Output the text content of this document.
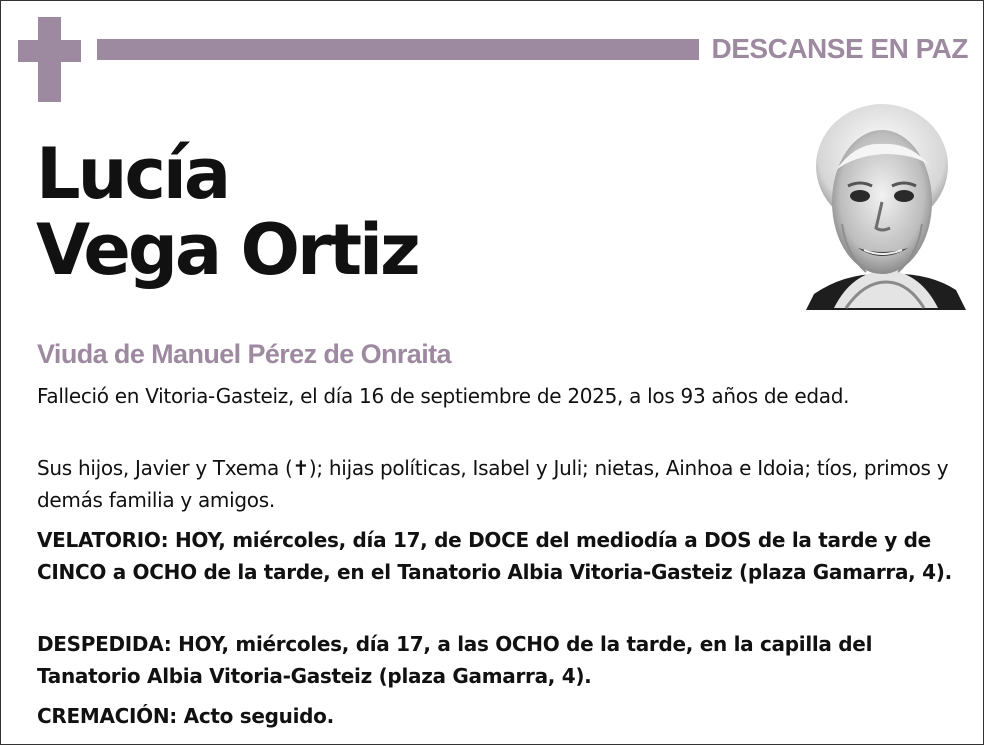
DESCANSE EN PAZ
Lucía
Vega Ortiz
Viuda de Manuel Pérez de Onraita

Falleció en Vitoria-Gasteiz, el día 16 de septiembre de 2025, a los 93 años de edad.

Sus hijos, Javier y Txema (✝); hijas políticas, Isabel y Juli; nietas, Ainhoa e Idoia; tíos, primos y demás familia y amigos.

VELATORIO: HOY, miércoles, día 17, de DOCE del mediodía a DOS de la tarde y de CINCO a OCHO de la tarde, en el Tanatorio Albia Vitoria-Gasteiz (plaza Gamarra, 4).

DESPEDIDA: HOY, miércoles, día 17, a las OCHO de la tarde, en la capilla del Tanatorio Albia Vitoria-Gasteiz (plaza Gamarra, 4).

CREMACIÓN: Acto seguido.
